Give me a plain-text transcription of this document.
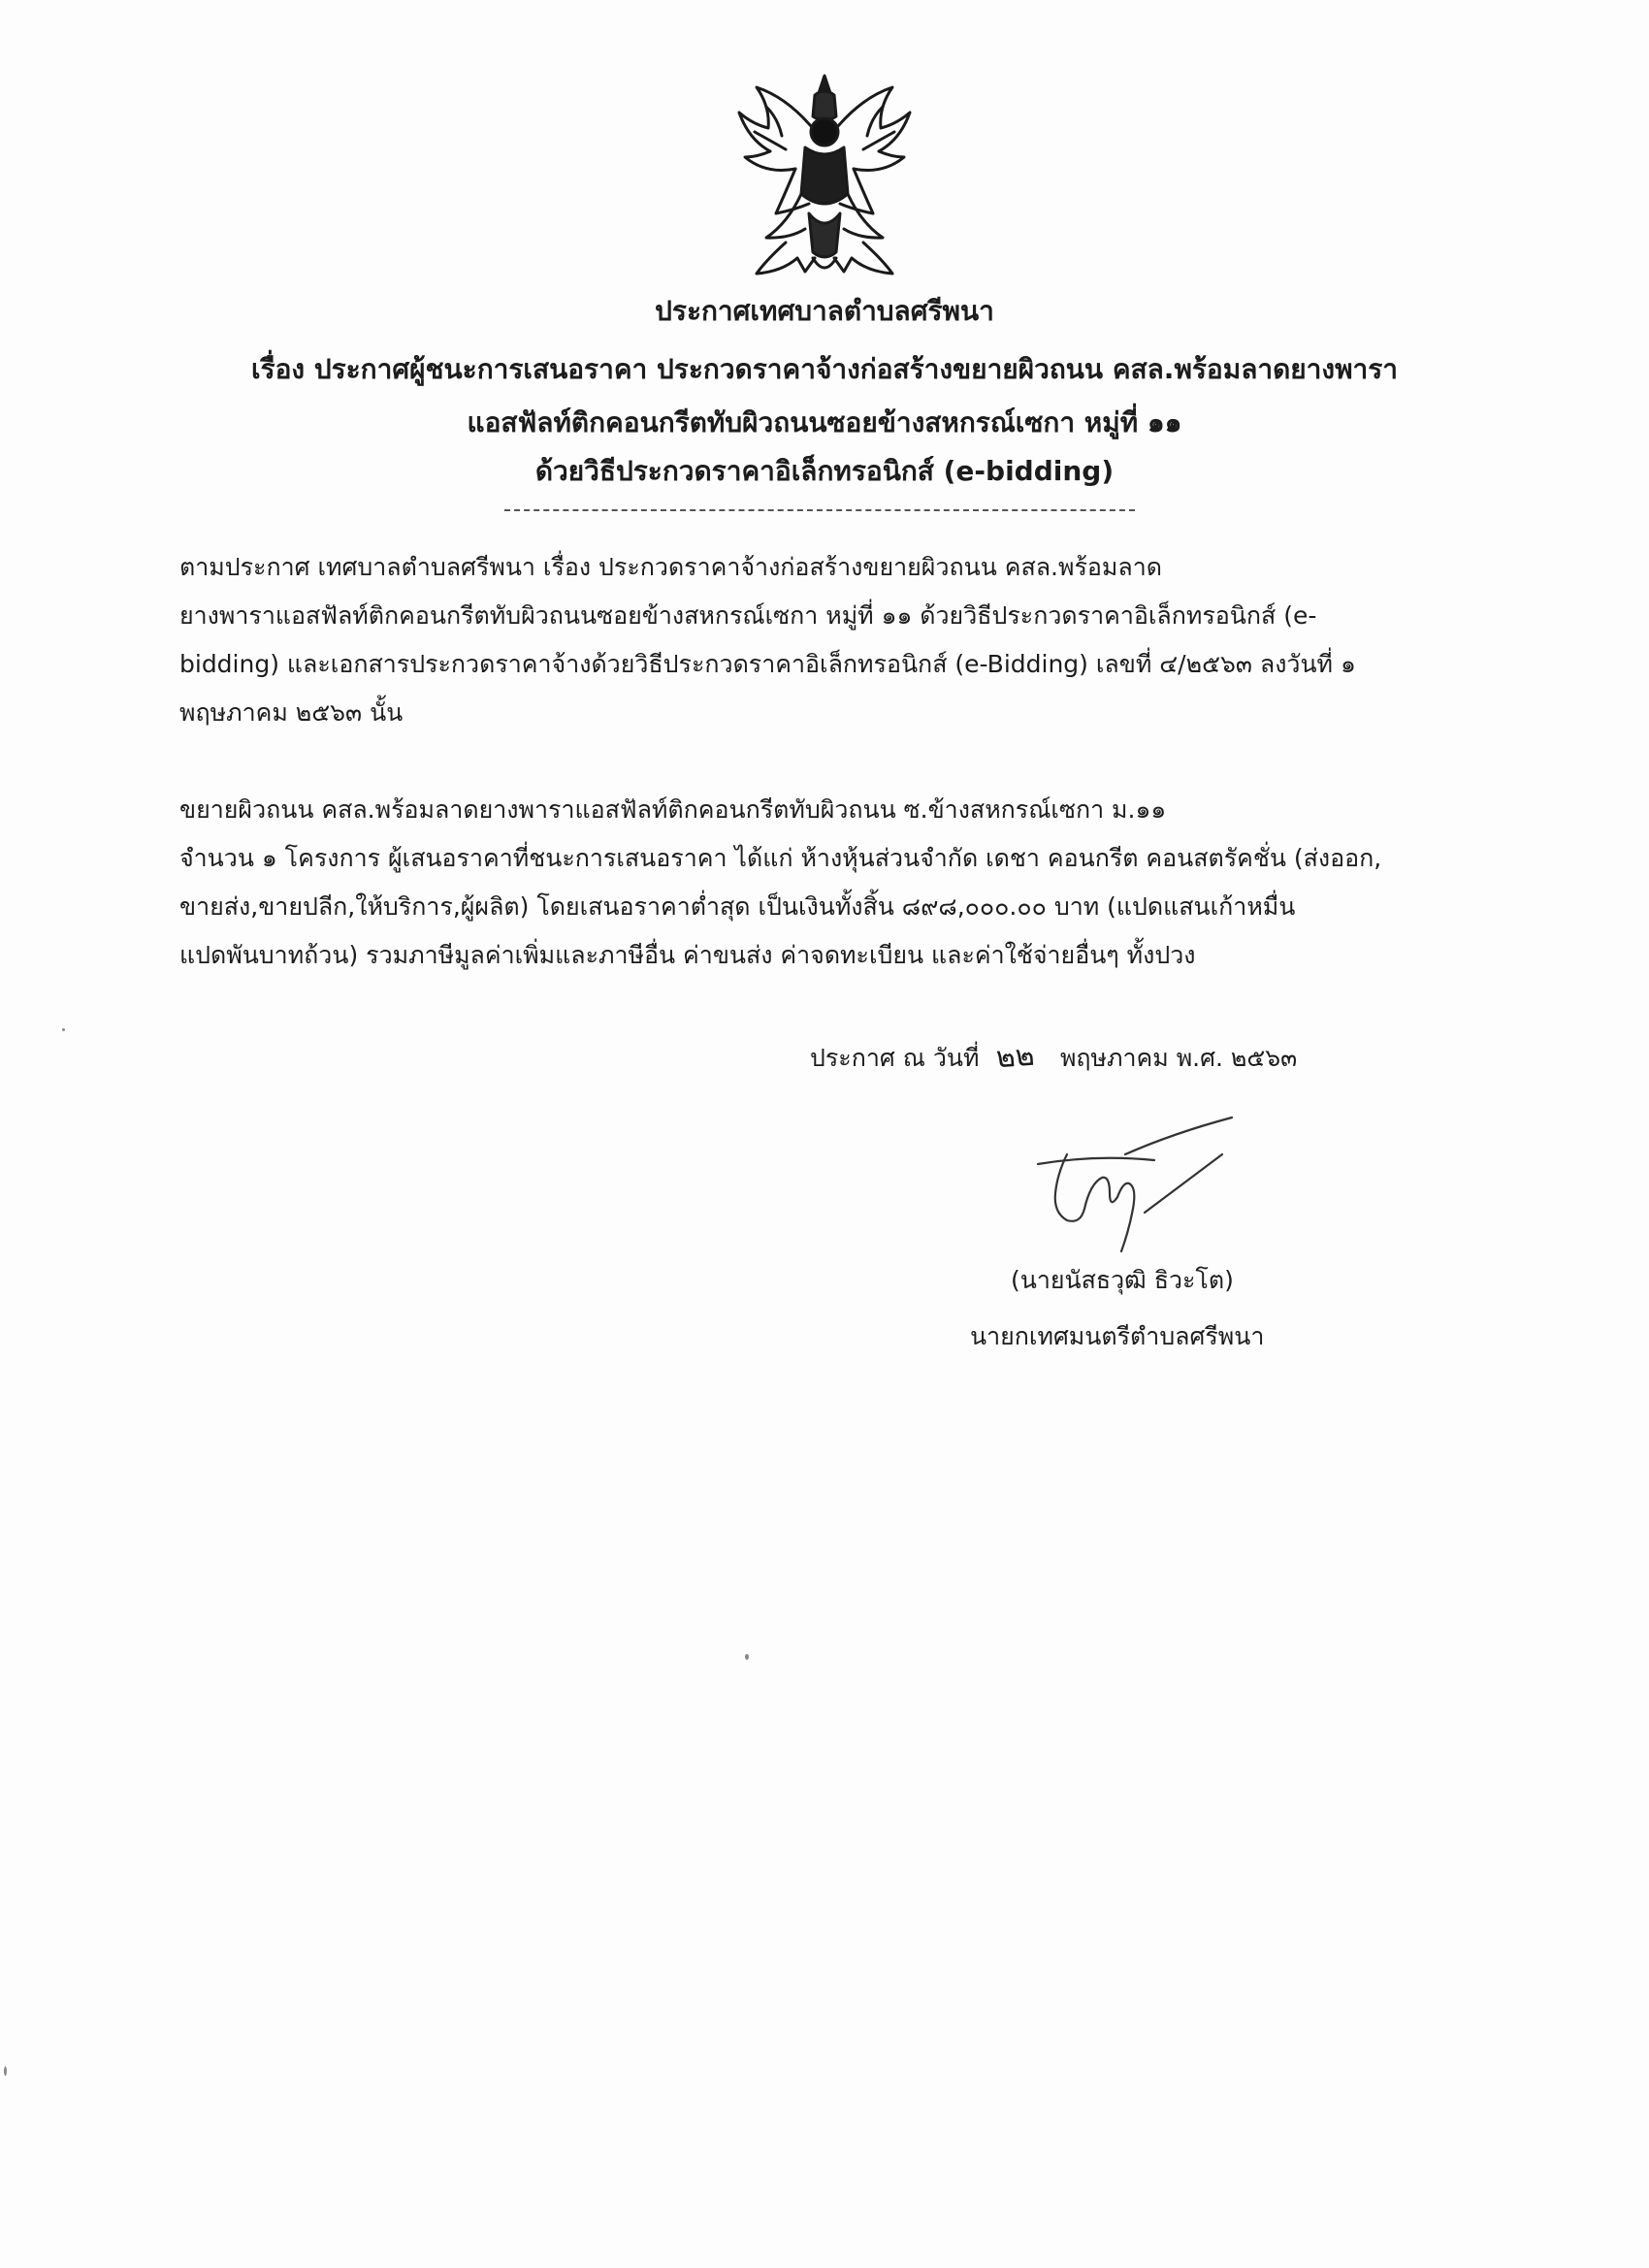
ประกาศเทศบาลตำบลศรีพนา
เรื่อง ประกาศผู้ชนะการเสนอราคา ประกวดราคาจ้างก่อสร้างขยายผิวถนน คสล.พร้อมลาดยางพารา
แอสฟัลท์ติกคอนกรีตทับผิวถนนซอยข้างสหกรณ์เซกา หมู่ที่ ๑๑
ด้วยวิธีประกวดราคาอิเล็กทรอนิกส์ (e-bidding)
ตามประกาศ เทศบาลตำบลศรีพนา เรื่อง ประกวดราคาจ้างก่อสร้างขยายผิวถนน คสล.พร้อมลาด
ยางพาราแอสฟัลท์ติกคอนกรีตทับผิวถนนซอยข้างสหกรณ์เซกา หมู่ที่ ๑๑ ด้วยวิธีประกวดราคาอิเล็กทรอนิกส์ (e-
bidding) และเอกสารประกวดราคาจ้างด้วยวิธีประกวดราคาอิเล็กทรอนิกส์ (e-Bidding) เลขที่ ๔/๒๕๖๓ ลงวันที่ ๑
พฤษภาคม ๒๕๖๓ นั้น
ขยายผิวถนน คสล.พร้อมลาดยางพาราแอสฟัลท์ติกคอนกรีตทับผิวถนน ซ.ข้างสหกรณ์เซกา ม.๑๑
จำนวน ๑ โครงการ ผู้เสนอราคาที่ชนะการเสนอราคา ได้แก่ ห้างหุ้นส่วนจำกัด เดชา คอนกรีต คอนสตรัคชั่น (ส่งออก,
ขายส่ง,ขายปลีก,ให้บริการ,ผู้ผลิต) โดยเสนอราคาต่ำสุด เป็นเงินทั้งสิ้น ๘๙๘,๐๐๐.๐๐ บาท (แปดแสนเก้าหมื่น
แปดพันบาทถ้วน) รวมภาษีมูลค่าเพิ่มและภาษีอื่น ค่าขนส่ง ค่าจดทะเบียน และค่าใช้จ่ายอื่นๆ ทั้งปวง
ประกาศ ณ วันที่ ๒๒ พฤษภาคม พ.ศ. ๒๕๖๓
(นายนัสธวุฒิ ธิวะโต)
นายกเทศมนตรีตำบลศรีพนา
